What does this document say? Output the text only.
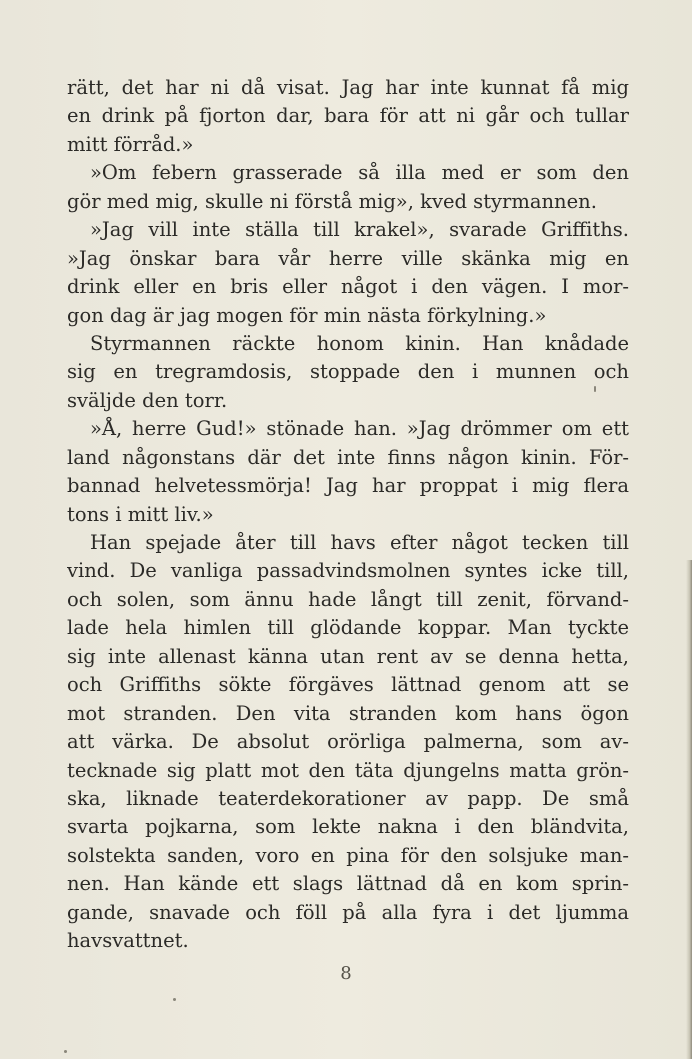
rätt, det har ni då visat. Jag har inte kunnat få mig
en drink på fjorton dar, bara för att ni går och tullar
mitt förråd.»
»Om febern grasserade så illa med er som den
gör med mig, skulle ni förstå mig», kved styrmannen.
»Jag vill inte ställa till krakel», svarade Griffiths.
»Jag önskar bara vår herre ville skänka mig en
drink eller en bris eller något i den vägen. I mor-
gon dag är jag mogen för min nästa förkylning.»
Styrmannen räckte honom kinin. Han knådade
sig en tregramdosis, stoppade den i munnen och
sväljde den torr.
»Å, herre Gud!» stönade han. »Jag drömmer om ett
land någonstans där det inte finns någon kinin. För-
bannad helvetessmörja! Jag har proppat i mig flera
tons i mitt liv.»
Han spejade åter till havs efter något tecken till
vind. De vanliga passadvindsmolnen syntes icke till,
och solen, som ännu hade långt till zenit, förvand-
lade hela himlen till glödande koppar. Man tyckte
sig inte allenast känna utan rent av se denna hetta,
och Griffiths sökte förgäves lättnad genom att se
mot stranden. Den vita stranden kom hans ögon
att värka. De absolut orörliga palmerna, som av-
tecknade sig platt mot den täta djungelns matta grön-
ska, liknade teaterdekorationer av papp. De små
svarta pojkarna, som lekte nakna i den bländvita,
solstekta sanden, voro en pina för den solsjuke man-
nen. Han kände ett slags lättnad då en kom sprin-
gande, snavade och föll på alla fyra i det ljumma
havsvattnet.
8
